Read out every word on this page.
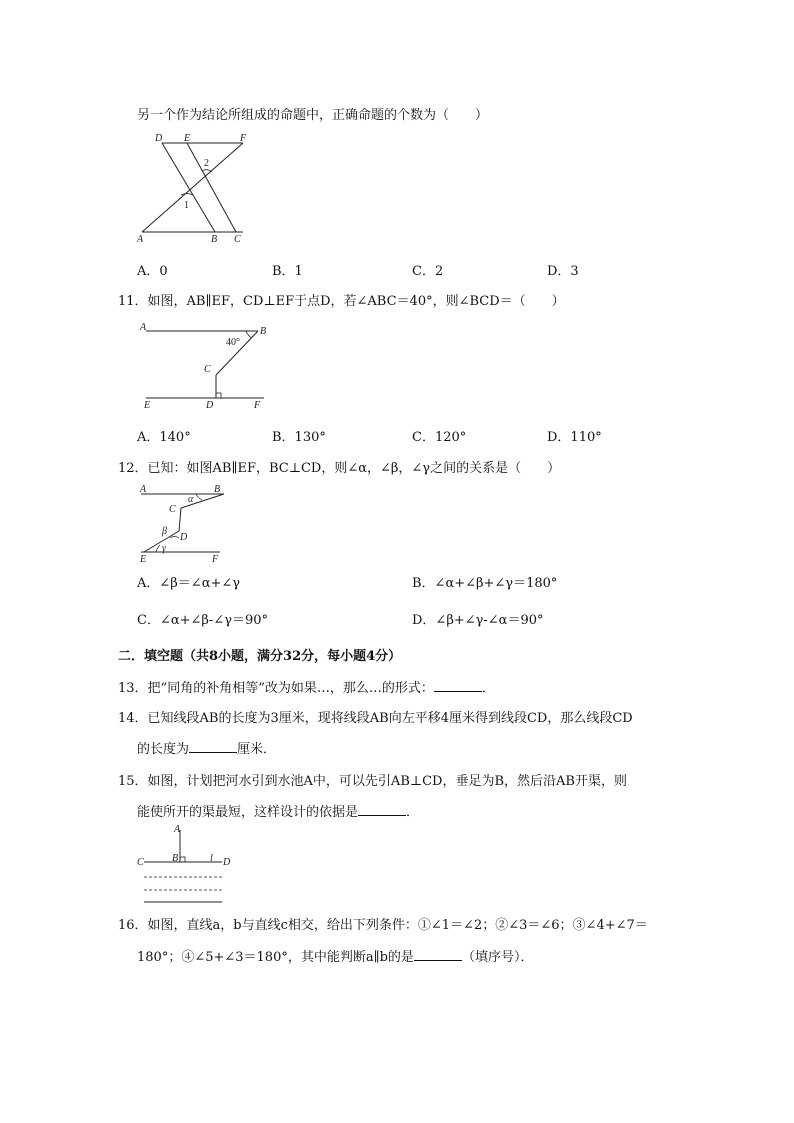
另一个作为结论所组成的命题中，正确命题的个数为（　　）
D E	F
2
1
A	B C
A．0	B．1	C．2	D．3
11．如图，AB∥EF，CD⊥EF于点D，若∠ABC＝40°，则∠BCD＝（　　）
A	B
40°
C
E	D	F
A．140°	B．130°	C．120°	D．110°
12．已知：如图AB∥EF，BC⊥CD，则∠α，∠β，∠γ之间的关系是（　　）
A	B
α
C
β
D
E
γ
F
A．∠β＝∠α+∠γ	B．∠α+∠β+∠γ＝180°
C．∠α+∠β-∠γ＝90°	D．∠β+∠γ-∠α＝90°
二．填空题（共8小题，满分32分，每小题4分）
13．把“同角的补角相等”改为如果…，那么…的形式：	．
14．已知线段AB的长度为3厘米，现将线段AB向左平移4厘米得到线段CD，那么线段CD
的长度为	厘米．
15．如图，计划把河水引到水池A中，可以先引AB⊥CD，垂足为B，然后沿AB开渠，则
能使所开的渠最短，这样设计的依据是	．
A
C	B	l D
16．如图，直线a，b与直线c相交，给出下列条件：①∠1＝∠2；②∠3＝∠6；③∠4+∠7＝
180°；④∠5+∠3＝180°，其中能判断a∥b的是	（填序号）．
